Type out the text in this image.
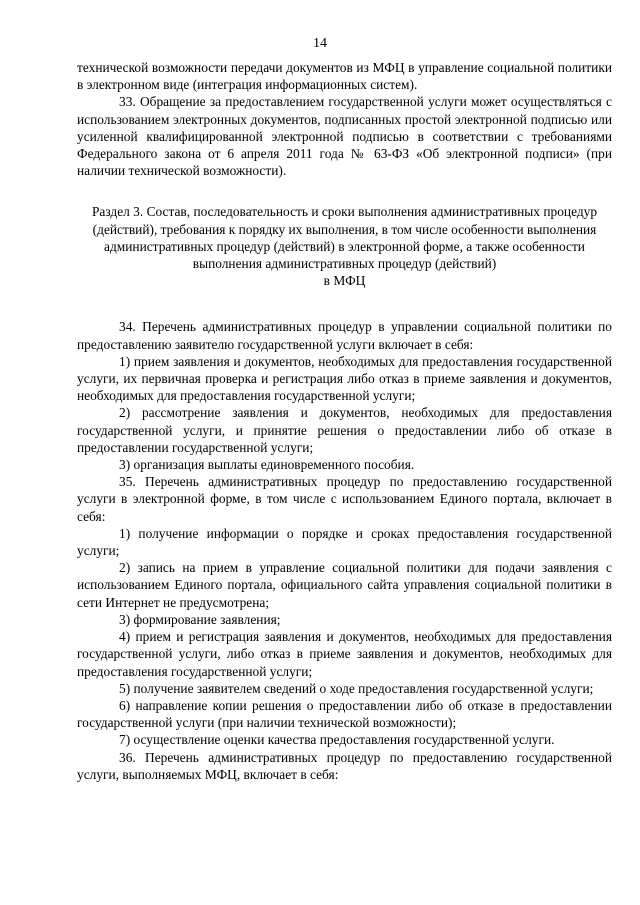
14

технической возможности передачи документов из МФЦ в управление социальной политики в электронном виде (интеграция информационных систем).

33. Обращение за предоставлением государственной услуги может осуществляться с использованием электронных документов, подписанных простой электронной подписью или усиленной квалифицированной электронной подписью в соответствии с требованиями Федерального закона от 6 апреля 2011 года № 63-ФЗ «Об электронной подписи» (при наличии технической возможности).

Раздел 3. Состав, последовательность и сроки выполнения административных процедур (действий), требования к порядку их выполнения, в том числе особенности выполнения административных процедур (действий) в электронной форме, а также особенности выполнения административных процедур (действий)
в МФЦ

34. Перечень административных процедур в управлении социальной политики по предоставлению заявителю государственной услуги включает в себя:

1) прием заявления и документов, необходимых для предоставления государственной услуги, их первичная проверка и регистрация либо отказ в приеме заявления и документов, необходимых для предоставления государственной услуги;

2) рассмотрение заявления и документов, необходимых для предоставления государственной услуги, и принятие решения о предоставлении либо об отказе в предоставлении государственной услуги;

3) организация выплаты единовременного пособия.

35. Перечень административных процедур по предоставлению государственной услуги в электронной форме, в том числе с использованием Единого портала, включает в себя:

1) получение информации о порядке и сроках предоставления государственной услуги;

2) запись на прием в управление социальной политики для подачи заявления с использованием Единого портала, официального сайта управления социальной политики в сети Интернет не предусмотрена;

3) формирование заявления;

4) прием и регистрация заявления и документов, необходимых для предоставления государственной услуги, либо отказ в приеме заявления и документов, необходимых для предоставления государственной услуги;

5) получение заявителем сведений о ходе предоставления государственной услуги;

6) направление копии решения о предоставлении либо об отказе в предоставлении государственной услуги (при наличии технической возможности);

7) осуществление оценки качества предоставления государственной услуги.

36. Перечень административных процедур по предоставлению государственной услуги, выполняемых МФЦ, включает в себя:
